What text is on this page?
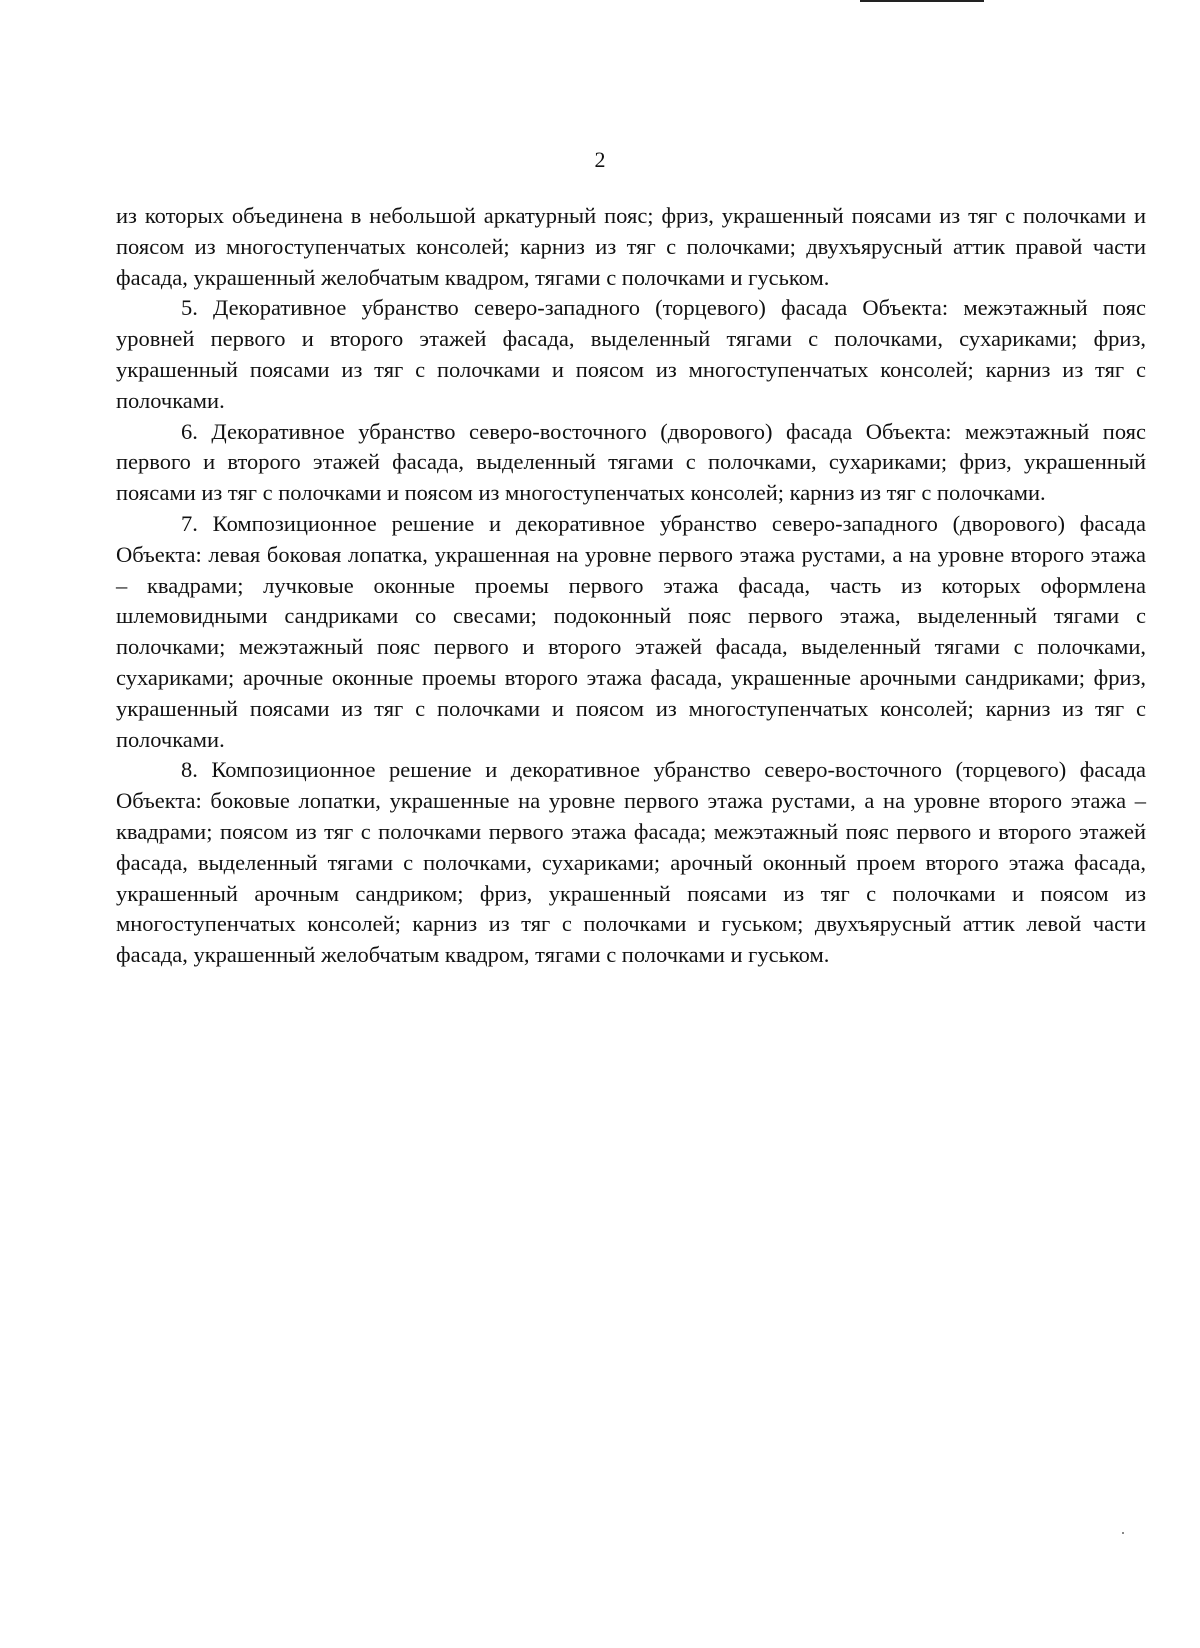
2

из которых объединена в небольшой аркатурный пояс; фриз, украшенный поясами из тяг с полочками и поясом из многоступенчатых консолей; карниз из тяг с полочками; двухъярусный аттик правой части фасада, украшенный желобчатым квадром, тягами с полочками и гуськом.

5. Декоративное убранство северо-западного (торцевого) фасада Объекта: межэтажный пояс уровней первого и второго этажей фасада, выделенный тягами с полочками, сухариками; фриз, украшенный поясами из тяг с полочками и поясом из многоступенчатых консолей; карниз из тяг с полочками.

6. Декоративное убранство северо-восточного (дворового) фасада Объекта: межэтажный пояс первого и второго этажей фасада, выделенный тягами с полочками, сухариками; фриз, украшенный поясами из тяг с полочками и поясом из многоступенчатых консолей; карниз из тяг с полочками.

7. Композиционное решение и декоративное убранство северо-западного (дворового) фасада Объекта: левая боковая лопатка, украшенная на уровне первого этажа рустами, а на уровне второго этажа – квадрами; лучковые оконные проемы первого этажа фасада, часть из которых оформлена шлемовидными сандриками со свесами; подоконный пояс первого этажа, выделенный тягами с полочками; межэтажный пояс первого и второго этажей фасада, выделенный тягами с полочками, сухариками; арочные оконные проемы второго этажа фасада, украшенные арочными сандриками; фриз, украшенный поясами из тяг с полочками и поясом из многоступенчатых консолей; карниз из тяг с полочками.

8. Композиционное решение и декоративное убранство северо-восточного (торцевого) фасада Объекта: боковые лопатки, украшенные на уровне первого этажа рустами, а на уровне второго этажа – квадрами; поясом из тяг с полочками первого этажа фасада; межэтажный пояс первого и второго этажей фасада, выделенный тягами с полочками, сухариками; арочный оконный проем второго этажа фасада, украшенный арочным сандриком; фриз, украшенный поясами из тяг с полочками и поясом из многоступенчатых консолей; карниз из тяг с полочками и гуськом; двухъярусный аттик левой части фасада, украшенный желобчатым квадром, тягами с полочками и гуськом.
